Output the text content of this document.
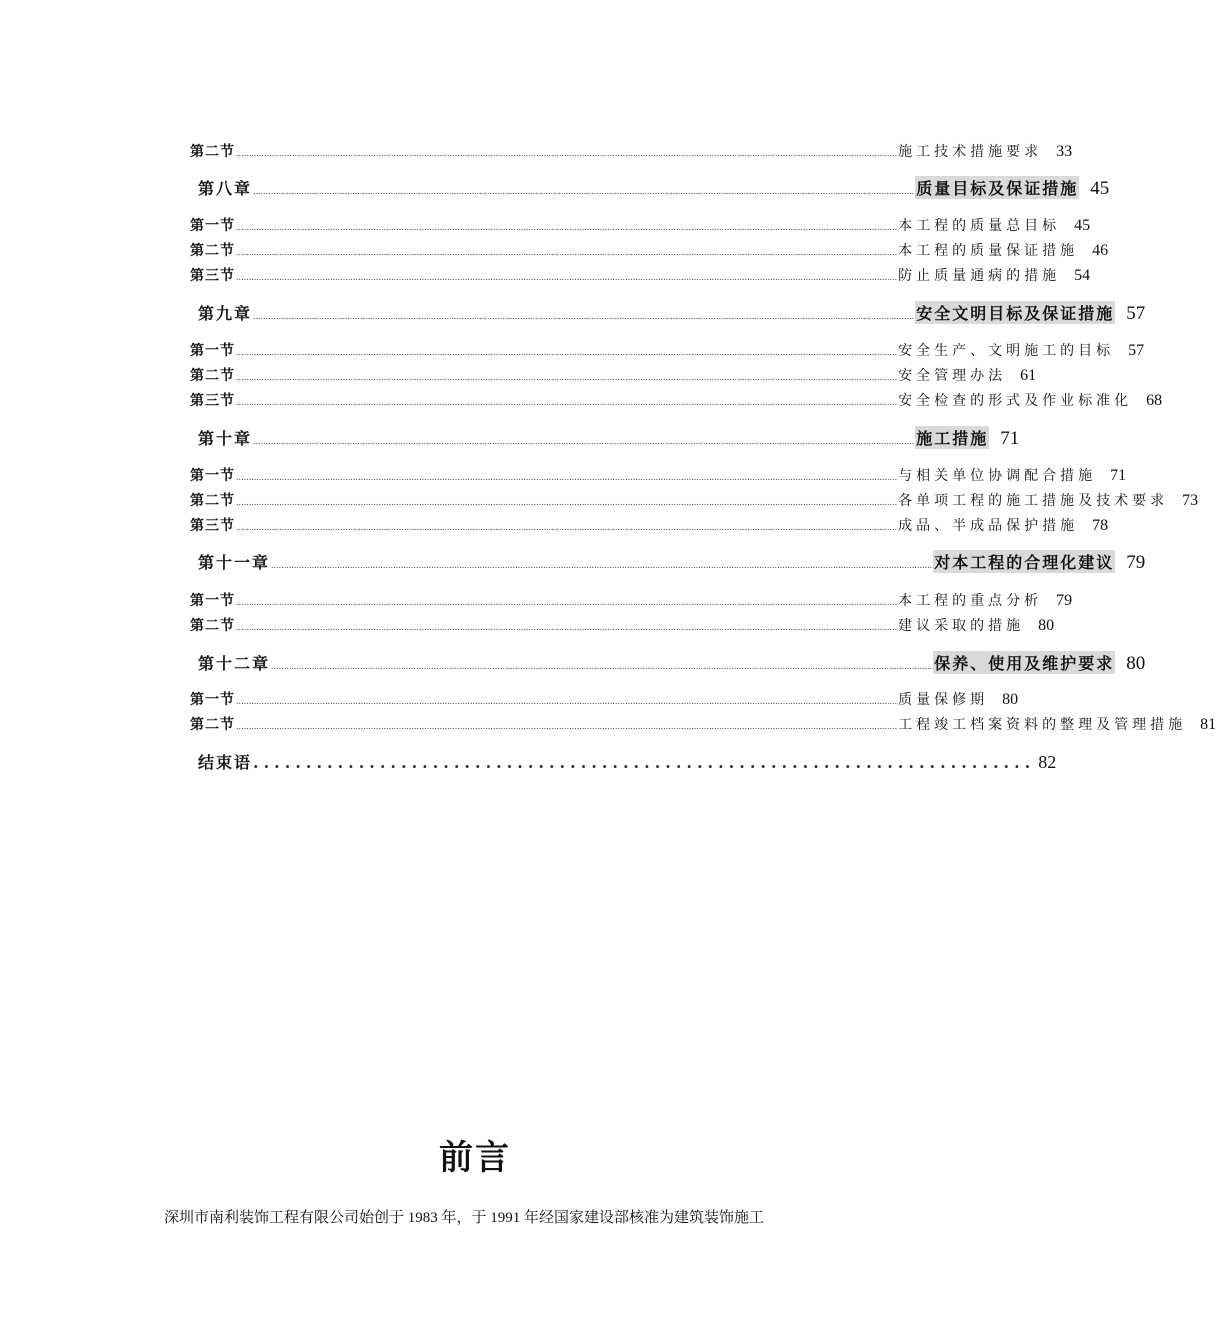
第二节 .................................................................................................................................................................................................................................................................... 施工技术措施要求 33
第八章 .................................................................................................................................................................................................................................................................... 质量目标及保证措施 45
第一节 .................................................................................................................................................................................................................................................................... 本工程的质量总目标 45
第二节 .................................................................................................................................................................................................................................................................... 本工程的质量保证措施 46
第三节 .................................................................................................................................................................................................................................................................... 防止质量通病的措施 54
第九章 .................................................................................................................................................................................................................................................................... 安全文明目标及保证措施 57
第一节 .................................................................................................................................................................................................................................................................... 安全生产、文明施工的目标 57
第二节 .................................................................................................................................................................................................................................................................... 安全管理办法 61
第三节 .................................................................................................................................................................................................................................................................... 安全检查的形式及作业标准化 68
第十章 .................................................................................................................................................................................................................................................................... 施工措施 71
第一节 .................................................................................................................................................................................................................................................................... 与相关单位协调配合措施 71
第二节 .................................................................................................................................................................................................................................................................... 各单项工程的施工措施及技术要求 73
第三节 .................................................................................................................................................................................................................................................................... 成品、半成品保护措施 78
第十一章 .................................................................................................................................................................................................................................................................... 对本工程的合理化建议 79
第一节 .................................................................................................................................................................................................................................................................... 本工程的重点分析 79
第二节 .................................................................................................................................................................................................................................................................... 建议采取的措施 80
第十二章 .................................................................................................................................................................................................................................................................... 保养、使用及维护要求 80
第一节 .................................................................................................................................................................................................................................................................... 质量保修期 80
第二节 .................................................................................................................................................................................................................................................................... 工程竣工档案资料的整理及管理措施 81
结束语 .......................................................................... 82
前言
深圳市南利装饰工程有限公司始创于 1983 年，于 1991 年经国家建设部核准为建筑装饰施工
